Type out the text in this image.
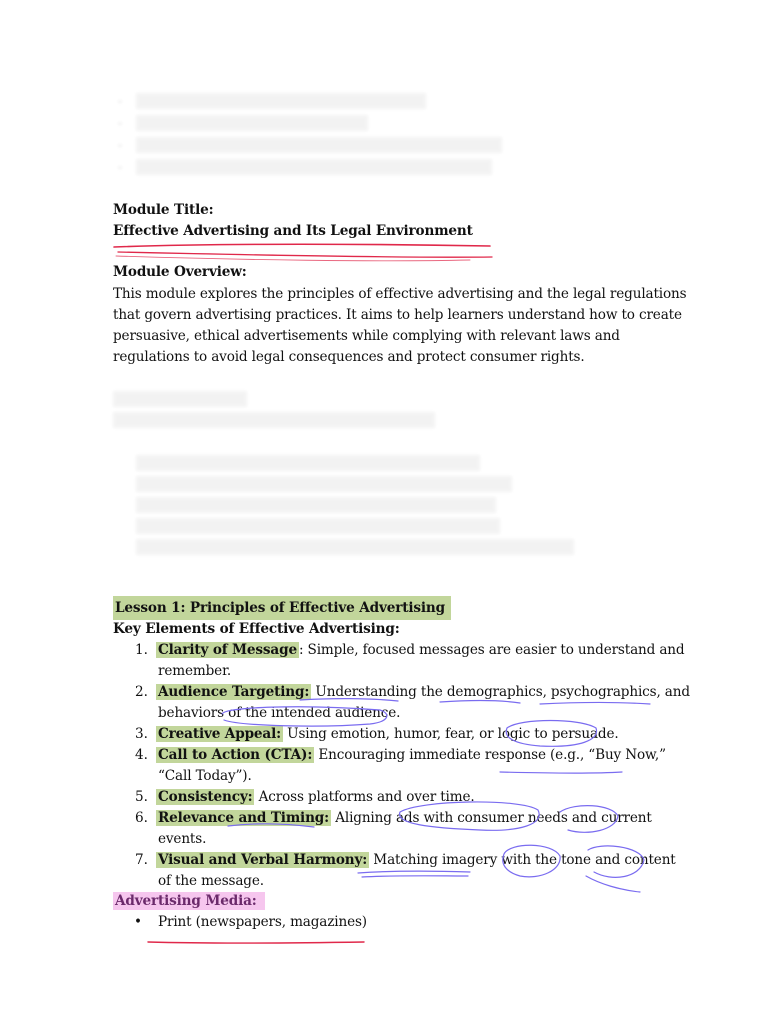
•
•
•
•
Module Title:
Effective Advertising and Its Legal Environment
Module Overview:
This module explores the principles of effective advertising and the legal regulations
that govern advertising practices. It aims to help learners understand how to create
persuasive, ethical advertisements while complying with relevant laws and
regulations to avoid legal consequences and protect consumer rights.
Lesson 1: Principles of Effective Advertising
Key Elements of Effective Advertising:
1. Clarity of Message : Simple, focused messages are easier to understand and
remember.
2. Audience Targeting: Understanding the demographics, psychographics, and
behaviors of the intended audience.
3. Creative Appeal: Using emotion, humor, fear, or logic to persuade.
4. Call to Action (CTA): Encouraging immediate response (e.g., “Buy Now,”
“Call Today”).
5. Consistency: Across platforms and over time.
6. Relevance and Timing: Aligning ads with consumer needs and current
events.
7. Visual and Verbal Harmony: Matching imagery with the tone and content
of the message.
Advertising Media:
• Print (newspapers, magazines)
